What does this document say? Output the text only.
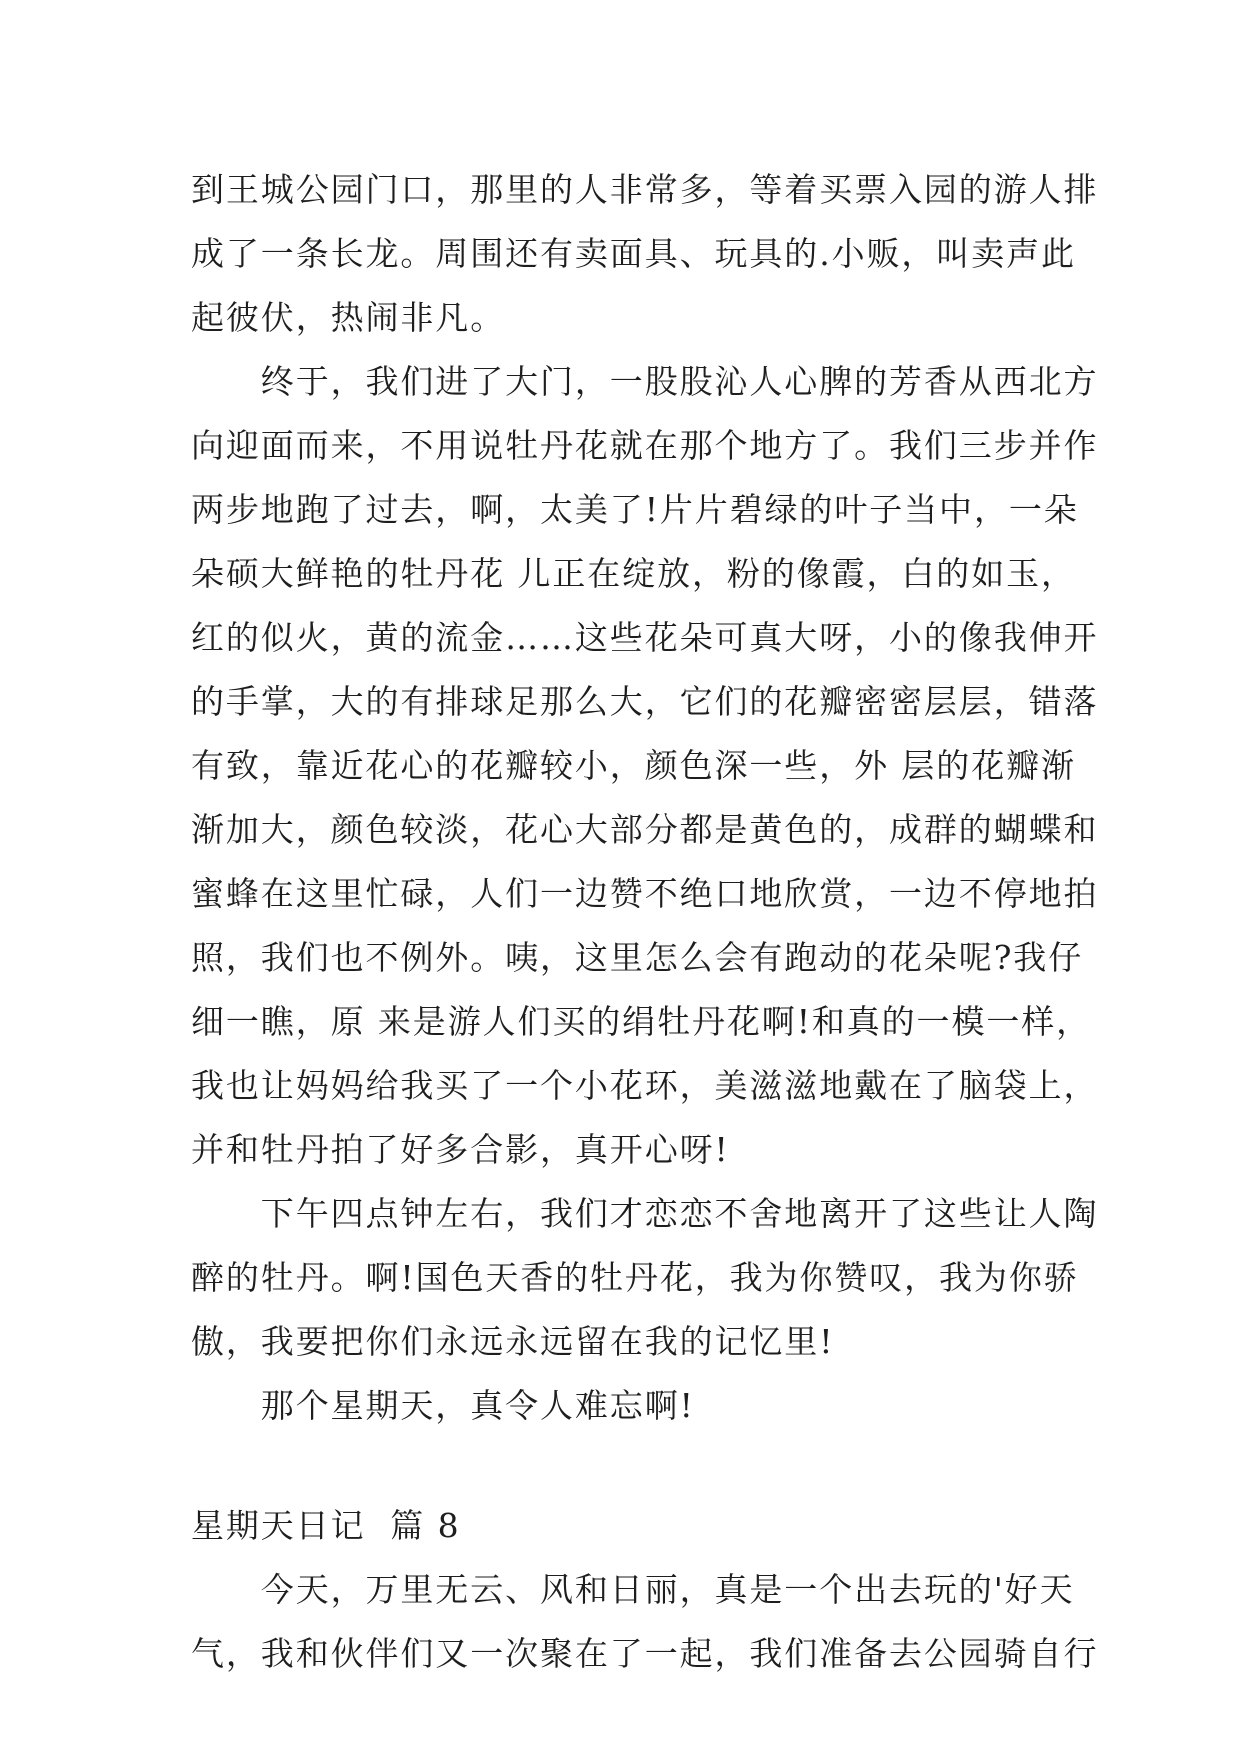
到王城公园门口，那里的人非常多，等着买票入园的游人排
成了一条长龙。周围还有卖面具、玩具的.小贩，叫卖声此
起彼伏，热闹非凡。
　　终于，我们进了大门，一股股沁人心脾的芳香从西北方
向迎面而来，不用说牡丹花就在那个地方了。我们三步并作
两步地跑了过去，啊，太美了!片片碧绿的叶子当中，一朵
朵硕大鲜艳的牡丹花 儿正在绽放，粉的像霞，白的如玉，
红的似火，黄的流金……这些花朵可真大呀，小的像我伸开
的手掌，大的有排球足那么大，它们的花瓣密密层层，错落
有致，靠近花心的花瓣较小，颜色深一些，外 层的花瓣渐
渐加大，颜色较淡，花心大部分都是黄色的，成群的蝴蝶和
蜜蜂在这里忙碌，人们一边赞不绝口地欣赏，一边不停地拍
照，我们也不例外。咦，这里怎么会有跑动的花朵呢?我仔
细一瞧，原 来是游人们买的绢牡丹花啊!和真的一模一样，
我也让妈妈给我买了一个小花环，美滋滋地戴在了脑袋上，
并和牡丹拍了好多合影，真开心呀!
　　下午四点钟左右，我们才恋恋不舍地离开了这些让人陶
醉的牡丹。啊!国色天香的牡丹花，我为你赞叹，我为你骄
傲，我要把你们永远永远留在我的记忆里!
　　那个星期天，真令人难忘啊!
星期天日记  篇 8
　　今天，万里无云、风和日丽，真是一个出去玩的'好天
气，我和伙伴们又一次聚在了一起，我们准备去公园骑自行
